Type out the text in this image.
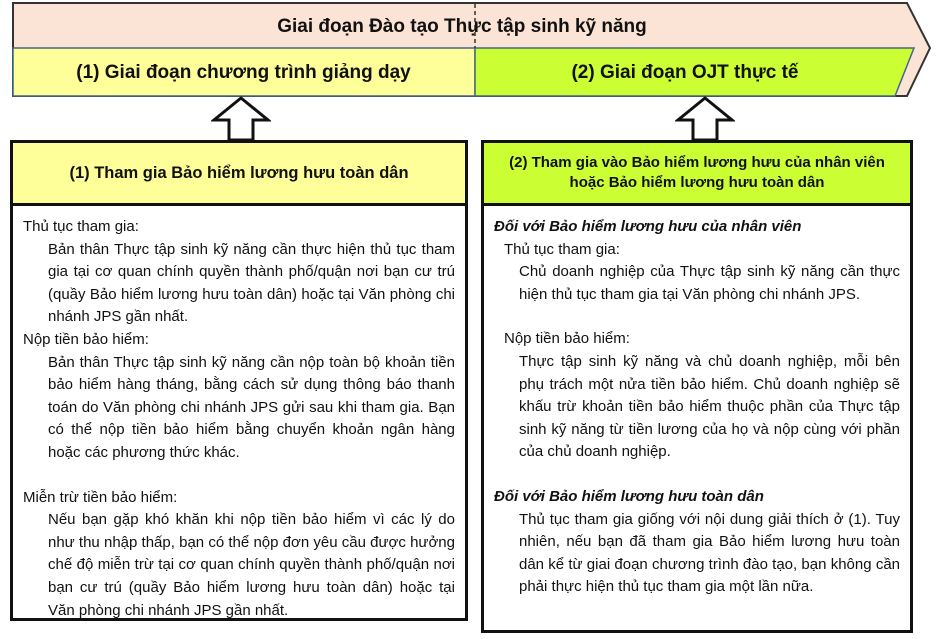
Giai đoạn Đào tạo Thực tập sinh kỹ năng
(1) Giai đoạn chương trình giảng dạy	(2) Giai đoạn OJT thực tế
(1) Tham gia Bảo hiểm lương hưu toàn dân

Thủ tục tham gia:

Bản thân Thực tập sinh kỹ năng cần thực hiện thủ tục tham gia tại cơ quan chính quyền thành phố/quận nơi bạn cư trú (quầy Bảo hiểm lương hưu toàn dân) hoặc tại Văn phòng chi nhánh JPS gần nhất.

Nộp tiền bảo hiểm:

Bản thân Thực tập sinh kỹ năng cần nộp toàn bộ khoản tiền bảo hiểm hàng tháng, bằng cách sử dụng thông báo thanh toán do Văn phòng chi nhánh JPS gửi sau khi tham gia. Bạn có thể nộp tiền bảo hiểm bằng chuyển khoản ngân hàng hoặc các phương thức khác.

Miễn trừ tiền bảo hiểm:

Nếu bạn gặp khó khăn khi nộp tiền bảo hiểm vì các lý do như thu nhập thấp, bạn có thể nộp đơn yêu cầu được hưởng chế độ miễn trừ tại cơ quan chính quyền thành phố/quận nơi bạn cư trú (quầy Bảo hiểm lương hưu toàn dân) hoặc tại Văn phòng chi nhánh JPS gần nhất.

(2) Tham gia vào Bảo hiểm lương hưu của nhân viên hoặc Bảo hiểm lương hưu toàn dân

Đối với Bảo hiểm lương hưu của nhân viên

Thủ tục tham gia:

Chủ doanh nghiệp của Thực tập sinh kỹ năng cần thực hiện thủ tục tham gia tại Văn phòng chi nhánh JPS.

Nộp tiền bảo hiểm:

Thực tập sinh kỹ năng và chủ doanh nghiệp, mỗi bên phụ trách một nửa tiền bảo hiểm. Chủ doanh nghiệp sẽ khấu trừ khoản tiền bảo hiểm thuộc phần của Thực tập sinh kỹ năng từ tiền lương của họ và nộp cùng với phần của chủ doanh nghiệp.

Đối với Bảo hiểm lương hưu toàn dân

Thủ tục tham gia giống với nội dung giải thích ở (1). Tuy nhiên, nếu bạn đã tham gia Bảo hiểm lương hưu toàn dân kể từ giai đoạn chương trình đào tạo, bạn không cần phải thực hiện thủ tục tham gia một lần nữa.
